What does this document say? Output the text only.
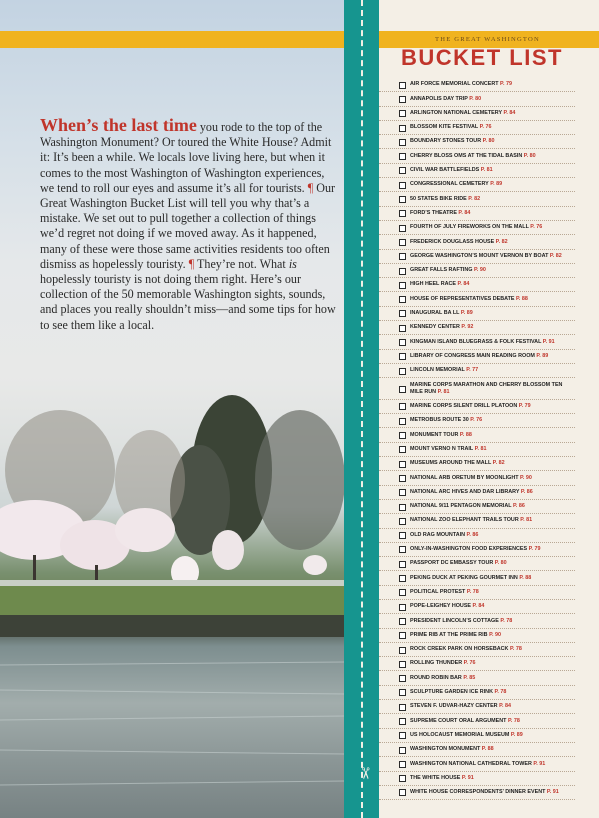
✂
When’s the last time you rode to the top of the Washington Monument? Or toured the White House? Admit it: It’s been a while. We locals love living here, but when it comes to the most Washington of Washington experiences, we tend to roll our eyes and assume it’s all for tourists. ¶ Our Great Washington Bucket List will tell you why that’s a mistake. We set out to pull together a collection of things we’d regret not doing if we moved away. As it happened, many of these were those same activities residents too often dismiss as hopelessly touristy. ¶ They’re not. What is hopelessly touristy is not doing them right. Here’s our collection of the 50 memorable Washington sights, sounds, and places you really shouldn’t miss—and some tips for how to see them like a local.
THE GREAT WASHINGTON
BUCKET LIST
AIR FORCE MEMORIAL CONCERT P. 79
ANNAPOLIS DAY TRIP P. 80
ARLINGTON NATIONAL CEMETERY P. 84
BLOSSOM KITE FESTIVAL P. 76
BOUNDARY STONES TOUR P. 80
CHERRY BLOSS OMS AT THE TIDAL BASIN P. 80
CIVIL WAR BATTLEFIELDS P. 81
CONGRESSIONAL CEMETERY P. 89
50 STATES BIKE RIDE P. 82
FORD’S THEATRE P. 84
FOURTH OF JULY FIREWORKS ON THE MALL P. 76
FREDERICK DOUGLASS HOUSE P. 82
GEORGE WASHINGTON’S MOUNT VERNON BY BOAT P. 82
GREAT FALLS RAFTING P. 90
HIGH HEEL RACE P. 84
HOUSE OF REPRESENTATIVES DEBATE P. 88
INAUGURAL BA LL P. 89
KENNEDY CENTER P. 92
KINGMAN ISLAND BLUEGRASS & FOLK FESTIVAL P. 91
LIBRARY OF CONGRESS MAIN READING ROOM P. 89
LINCOLN MEMORIAL P. 77
MARINE CORPS MARATHON AND CHERRY BLOSSOM TEN MILE RUN P. 81
MARINE CORPS SILENT DRILL PLATOON P. 79
METROBUS ROUTE 30 P. 76
MONUMENT TOUR P. 88
MOUNT VERNO N TRAIL P. 81
MUSEUMS AROUND THE MALL P. 82
NATIONAL ARB ORETUM BY MOONLIGHT P. 90
NATIONAL ARC HIVES AND DAR LIBRARY P. 86
NATIONAL 9/11 PENTAGON MEMORIAL P. 86
NATIONAL ZOO ELEPHANT TRAILS TOUR P. 81
OLD RAG MOUNTAIN P. 86
ONLY-IN-WASHINGTON FOOD EXPERIENCES P. 79
PASSPORT DC EMBASSY TOUR P. 80
PEKING DUCK AT PEKING GOURMET INN P. 88
POLITICAL PROTEST P. 78
POPE-LEIGHEY HOUSE P. 84
PRESIDENT LINCOLN’S COTTAGE P. 78
PRIME RIB AT THE PRIME RIB P. 90
ROCK CREEK PARK ON HORSEBACK P. 78
ROLLING THUNDER P. 76
ROUND ROBIN BAR P. 85
SCULPTURE GARDEN ICE RINK P. 78
STEVEN F. UDVAR-HAZY CENTER P. 84
SUPREME COURT ORAL ARGUMENT P. 78
US HOLOCAUST MEMORIAL MUSEUM P. 89
WASHINGTON MONUMENT P. 88
WASHINGTON NATIONAL CATHEDRAL TOWER P. 91
THE WHITE HOUSE P. 91
WHITE HOUSE CORRESPONDENTS’ DINNER EVENT P. 91
